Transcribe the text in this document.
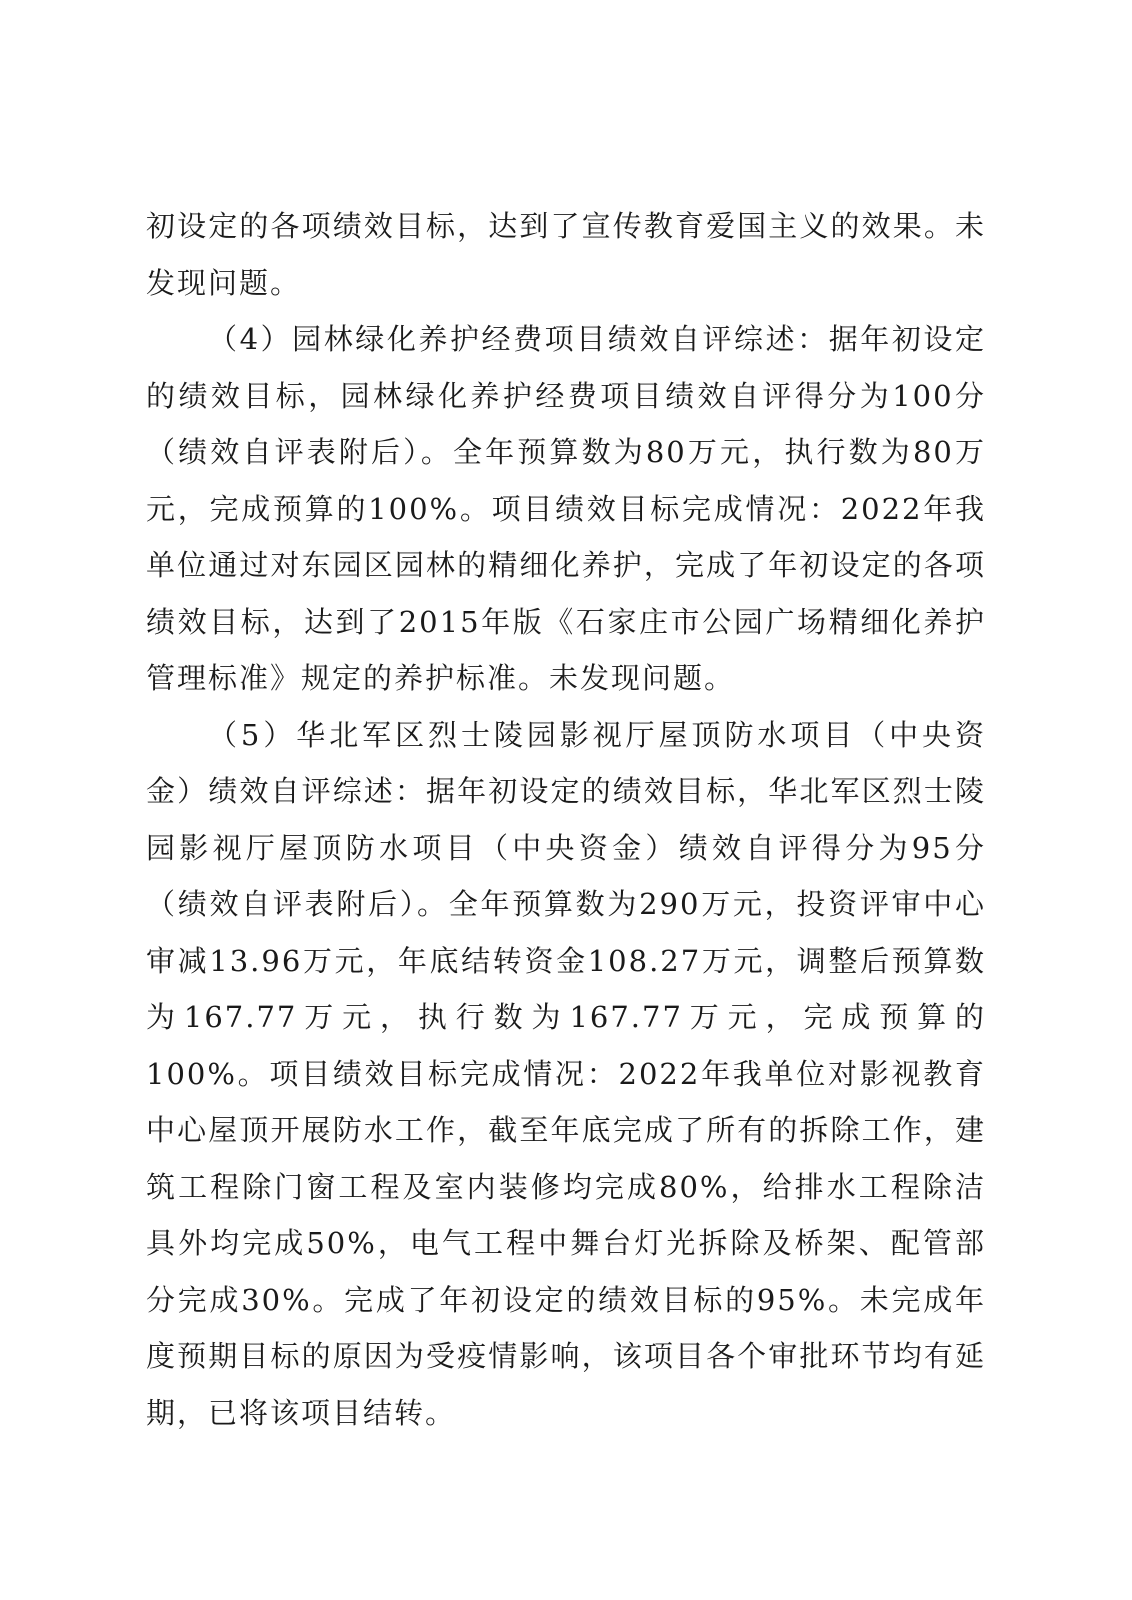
初设定的各项绩效目标，达到了宣传教育爱国主义的效果。未发现问题。

（4）园林绿化养护经费项目绩效自评综述：据年初设定的绩效目标，园林绿化养护经费项目绩效自评得分为100分（绩效自评表附后）。全年预算数为80万元，执行数为80万元，完成预算的100%。项目绩效目标完成情况：2022年我单位通过对东园区园林的精细化养护，完成了年初设定的各项绩效目标，达到了2015年版《石家庄市公园广场精细化养护管理标准》规定的养护标准。未发现问题。

（5）华北军区烈士陵园影视厅屋顶防水项目（中央资金）绩效自评综述：据年初设定的绩效目标，华北军区烈士陵园影视厅屋顶防水项目（中央资金）绩效自评得分为95分（绩效自评表附后）。全年预算数为290万元，投资评审中心审减13.96万元，年底结转资金108.27万元，调整后预算数为167.77万元，执行数为167.77万元，完成预算的100%。项目绩效目标完成情况：2022年我单位对影视教育中心屋顶开展防水工作，截至年底完成了所有的拆除工作，建筑工程除门窗工程及室内装修均完成80%，给排水工程除洁具外均完成50%，电气工程中舞台灯光拆除及桥架、配管部分完成30%。完成了年初设定的绩效目标的95%。未完成年度预期目标的原因为受疫情影响，该项目各个审批环节均有延期，已将该项目结转。
